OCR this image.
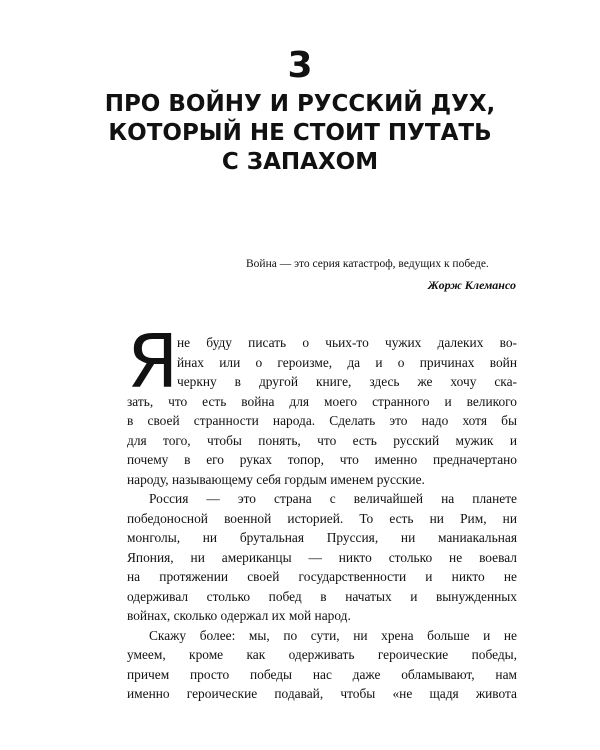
3
ПРО ВОЙНУ И РУССКИЙ ДУХ,
КОТОРЫЙ НЕ СТОИТ ПУТАТЬ
С ЗАПАХОМ
Война — это серия катастроф, ведущих к победе.
Жорж Клемансо
Я
не буду писать о чьих-то чужих далеких во-
йнах или о героизме, да и о причинах войн
черкну в другой книге, здесь же хочу ска-
зать, что есть война для моего странного и великого
в своей странности народа. Сделать это надо хотя бы
для того, чтобы понять, что есть русский мужик и
почему в его руках топор, что именно предначертано
народу, называющему себя гордым именем русские.
Россия — это страна с величайшей на планете
победоносной военной историей. То есть ни Рим, ни
монголы, ни брутальная Пруссия, ни маниакальная
Япония, ни американцы — никто столько не воевал
на протяжении своей государственности и никто не
одерживал столько побед в начатых и вынужденных
войнах, сколько одержал их мой народ.
Скажу более: мы, по сути, ни хрена больше и не
умеем, кроме как одерживать героические победы,
причем просто победы нас даже обламывают, нам
именно героические подавай, чтобы «не щадя живота
